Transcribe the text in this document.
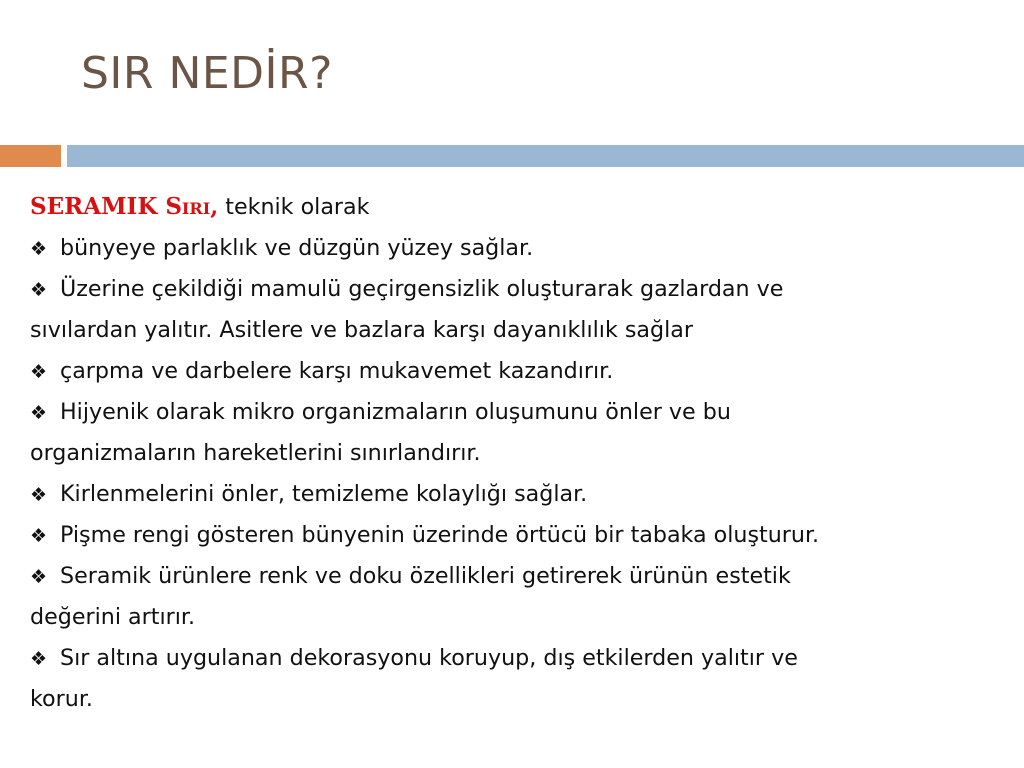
SIR NEDİR?

SERAMIK Sırı, teknik olarak

❖ bünyeye parlaklık ve düzgün yüzey sağlar.

❖ Üzerine çekildiği mamulü geçirgensizlik oluşturarak gazlardan ve
sıvılardan yalıtır. Asitlere ve bazlara karşı dayanıklılık sağlar

❖ çarpma ve darbelere karşı mukavemet kazandırır.

❖ Hijyenik olarak mikro organizmaların oluşumunu önler ve bu
organizmaların hareketlerini sınırlandırır.

❖ Kirlenmelerini önler, temizleme kolaylığı sağlar.

❖ Pişme rengi gösteren bünyenin üzerinde örtücü bir tabaka oluşturur.

❖ Seramik ürünlere renk ve doku özellikleri getirerek ürünün estetik
değerini artırır.

❖ Sır altına uygulanan dekorasyonu koruyup, dış etkilerden yalıtır ve
korur.
